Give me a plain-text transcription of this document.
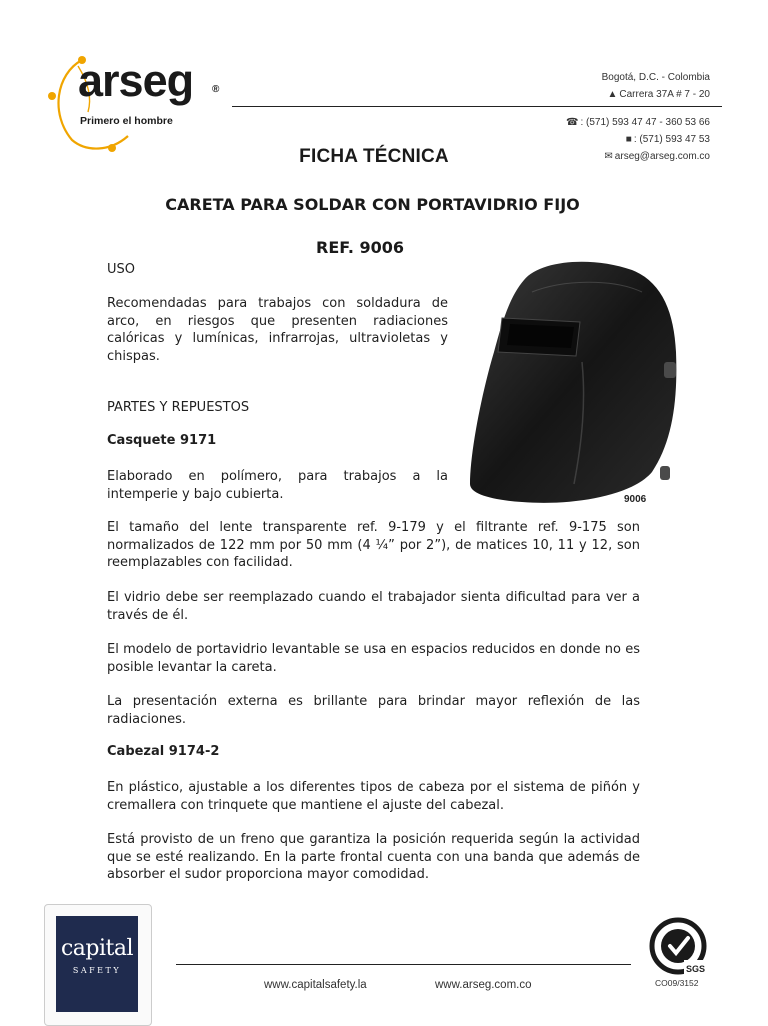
arseg ®
Primero el hombre
Bogotá, D.C. - Colombia
▲ Carrera 37A # 7 - 20
☎ : (571) 593 47 47 - 360 53 66
■ : (571) 593 47 53
✉ arseg@arseg.com.co
FICHA TÉCNICA
CARETA PARA SOLDAR CON PORTAVIDRIO FIJO
REF. 9006
USO
Recomendadas para trabajos con soldadura de arco, en riesgos que presenten radiaciones calóricas y lumínicas, infrarrojas, ultravioletas y chispas.
PARTES Y REPUESTOS
Casquete 9171
Elaborado en polímero, para trabajos a la intemperie y bajo cubierta.	9006
El tamaño del lente transparente ref. 9-179 y el filtrante ref. 9-175 son normalizados de 122 mm por 50 mm (4 ¼” por 2”), de matices 10, 11 y 12, son reemplazables con facilidad.
El vidrio debe ser reemplazado cuando el trabajador sienta dificultad para ver a través de él.
El modelo de portavidrio levantable se usa en espacios reducidos en donde no es posible levantar la careta.
La presentación externa es brillante para brindar mayor reflexión de las radiaciones.
Cabezal 9174-2
En plástico, ajustable a los diferentes tipos de cabeza por el sistema de piñón y cremallera con trinquete que mantiene el ajuste del cabezal.
Está provisto de un freno que garantiza la posición requerida según la actividad que se esté realizando. En la parte frontal cuenta con una banda que además de absorber el sudor proporciona mayor comodidad.
capital
SAFETY
www.capitalsafety.la	www.arseg.com.co
SGS
CO09/3152
